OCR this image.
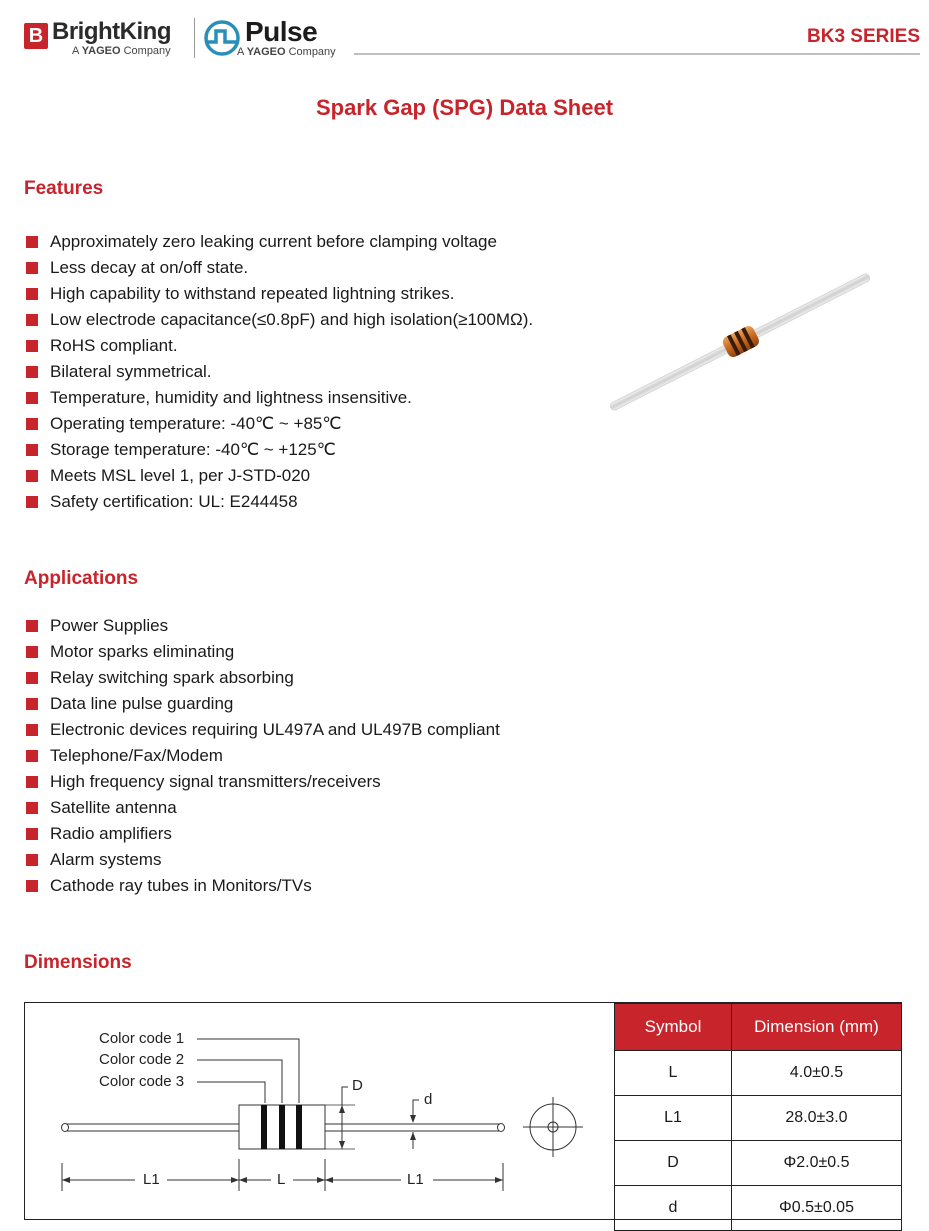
B BrightKing
A YAGEO Company
Pulse
A YAGEO Company
BK3 SERIES
Spark Gap (SPG) Data Sheet
Features
Approximately zero leaking current before clamping voltage
Less decay at on/off state.
High capability to withstand repeated lightning strikes.
Low electrode capacitance(≤0.8pF) and high isolation(≥100MΩ).
RoHS compliant.
Bilateral symmetrical.
Temperature, humidity and lightness insensitive.
Operating temperature: -40℃ ~ +85℃
Storage temperature: -40℃ ~ +125℃
Meets MSL level 1, per J-STD-020
Safety certification: UL: E244458
Applications
Power Supplies
Motor sparks eliminating
Relay switching spark absorbing
Data line pulse guarding
Electronic devices requiring UL497A and UL497B compliant
Telephone/Fax/Modem
High frequency signal transmitters/receivers
Satellite antenna
Radio amplifiers
Alarm systems
Cathode ray tubes in Monitors/TVs
Dimensions
Color code 1
Color code 2
Color code 3	D
d
L1	L	L1
Symbol	Dimension (mm)
L	4.0±0.5
L1	28.0±3.0
D	Φ2.0±0.5
d	Φ0.5±0.05
